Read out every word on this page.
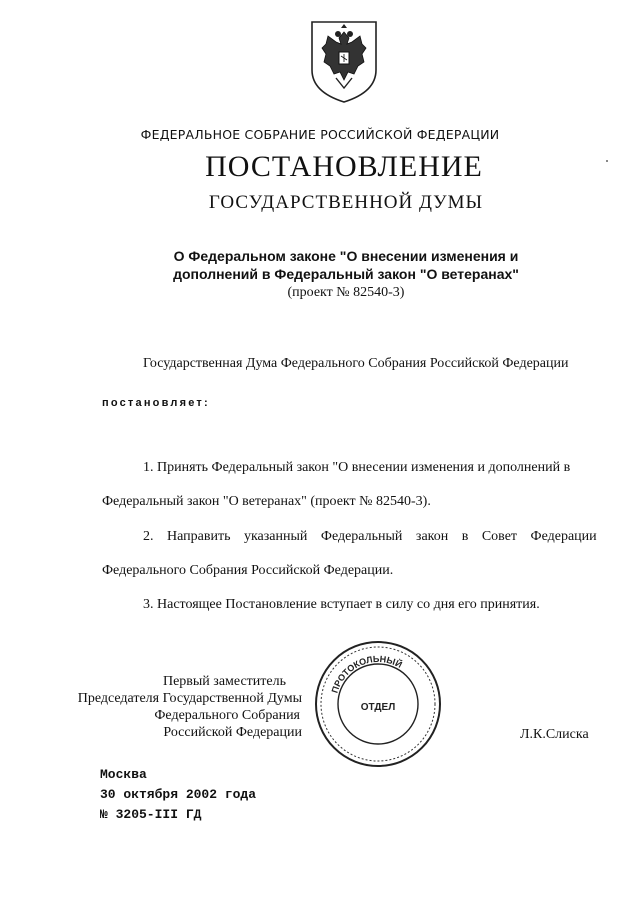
ФЕДЕРАЛЬНОЕ СОБРАНИЕ РОССИЙСКОЙ ФЕДЕРАЦИИ
ПОСТАНОВЛЕНИЕ
ГОСУДАРСТВЕННОЙ ДУМЫ
О Федеральном законе "О внесении изменения и
дополнений в Федеральный закон "О ветеранах"
(проект № 82540-3)
Государственная Дума Федерального Собрания Российской Федерации
постановляет:
1. Принять Федеральный закон "О внесении изменения и дополнений в
Федеральный закон "О ветеранах" (проект № 82540-3).
2. Направить указанный Федеральный закон в Совет Федерации
Федерального Собрания Российской Федерации.
3. Настоящее Постановление вступает в силу со дня его принятия.
Первый заместитель
Председателя Государственной Думы
Федерального Собрания
Российской Федерации
ПРОТОКОЛЬНЫЙ
ОТДЕЛ
Л.К.Слиска
Москва
30 октября 2002 года
№ 3205-III ГД
